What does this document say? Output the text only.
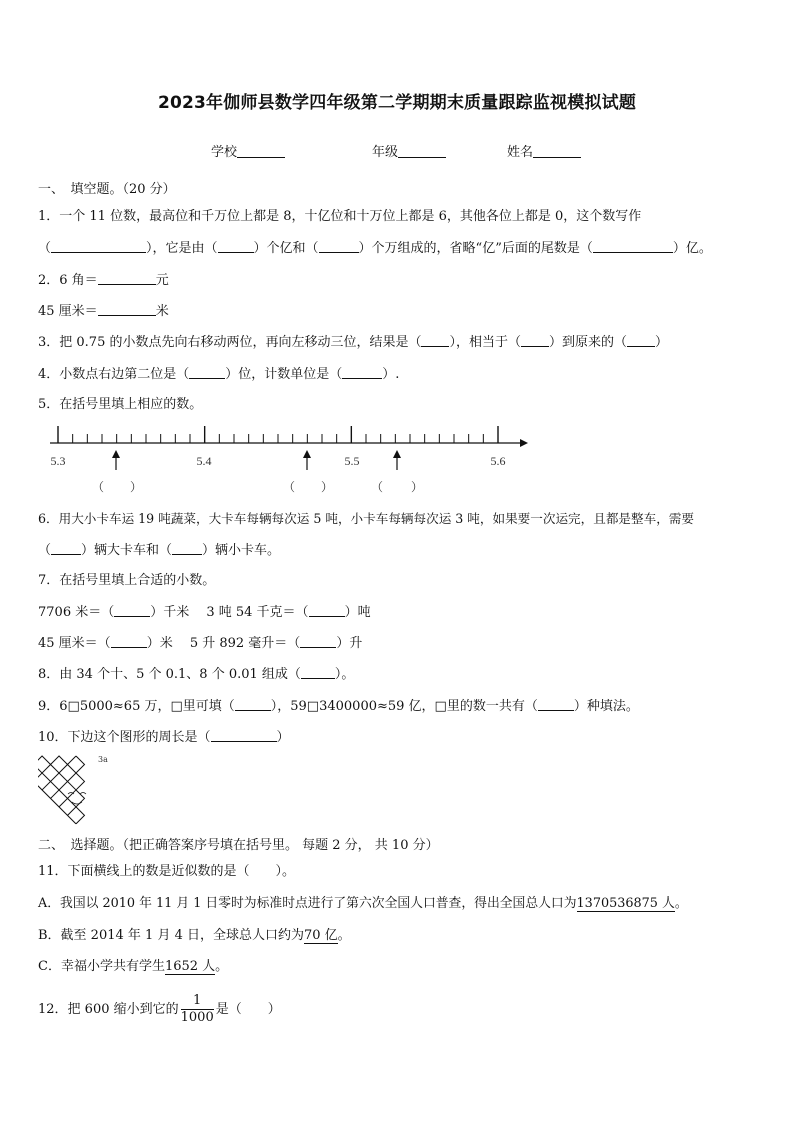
2023年伽师县数学四年级第二学期期末质量跟踪监视模拟试题
学校	年级	姓名
一、　填空题。（20 分）
1．一个 11 位数，最高位和千万位上都是 8，十亿位和十万位上都是 6，其他各位上都是 0，这个数写作
（	），它是由（	）个亿和（	）个万组成的，省略“亿”后面的尾数是（	）亿。
2．6 角＝	元
45 厘米＝	米
3．把 0.75 的小数点先向右移动两位，再向左移动三位，结果是（ ），相当于（ ）到原来的（ ）
4．小数点右边第二位是（	）位，计数单位是（	）.
5．在括号里填上相应的数。
5.3	5.4	5.5	5.6
（ ）	（ ）	（ ）
6．用大小卡车运 19 吨蔬菜，大卡车每辆每次运 5 吨，小卡车每辆每次运 3 吨，如果要一次运完，且都是整车，需要
（ ）辆大卡车和（ ）辆小卡车。
7．在括号里填上合适的小数。
7706 米＝（	）千米　 3 吨 54 千克＝（	）吨
45 厘米＝（	）米　 5 升 892 毫升＝（	）升
8．由 34 个十、5 个 0.1、8 个 0.01 组成（	）。
9．6□5000≈65 万，□里可填（	），59□3400000≈59 亿，□里的数一共有（	）种填法。
10．下边这个图形的周长是（	）
3a
二、　选择题。（把正确答案序号填在括号里。 每题 2 分， 共 10 分）
11．下面横线上的数是近似数的是（　　）。
A．我国以 2010 年 11 月 1 日零时为标准时点进行了第六次全国人口普查，得出全国总人口为1370536875 人。
B．截至 2014 年 1 月 4 日，全球总人口约为70 亿。
C．幸福小学共有学生1652 人。
12．把 600 缩小到它的 $\frac{1}{1000}$ 是（　　）
